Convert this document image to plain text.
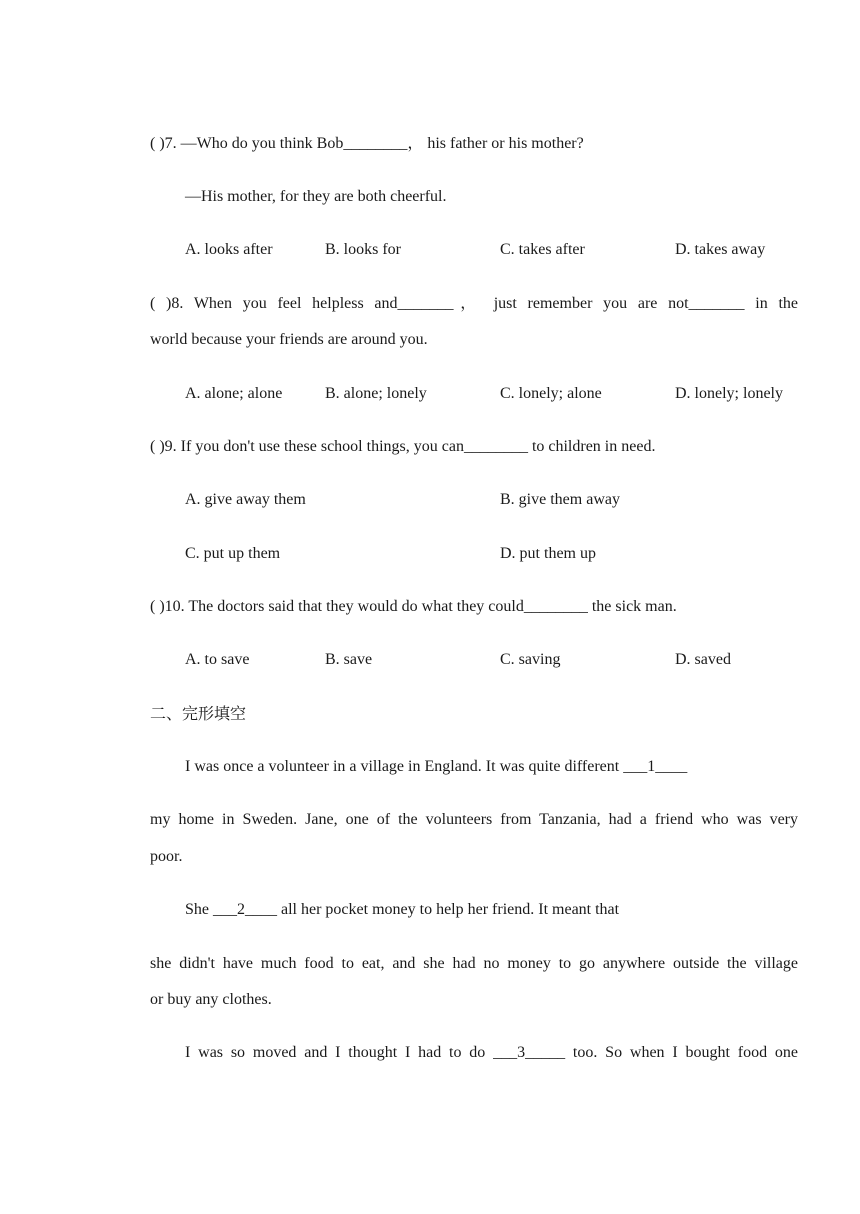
( )7. —Who do you think Bob________， his father or his mother?
—His mother, for they are both cheerful.
A. looks after	B. looks for	C. takes after	D. takes away
( )8. When you feel helpless and_______， just remember you are not_______ in the
world because your friends are around you.
A. alone; alone	B. alone; lonely	C. lonely; alone	D. lonely; lonely
( )9. If you don't use these school things, you can________ to children in need.
A. give away them	B. give them away
C. put up them	D. put them up
( )10. The doctors said that they would do what they could________ the sick man.
A. to save	B. save	C. saving	D. saved
二、完形填空
I was once a volunteer in a village in England. It was quite different ___1____
my home in Sweden. Jane, one of the volunteers from Tanzania, had a friend who was very
poor.
She ___2____ all her pocket money to help her friend. It meant that
she didn't have much food to eat, and she had no money to go anywhere outside the village
or buy any clothes.
I was so moved and I thought I had to do ___3_____ too. So when I bought food one
